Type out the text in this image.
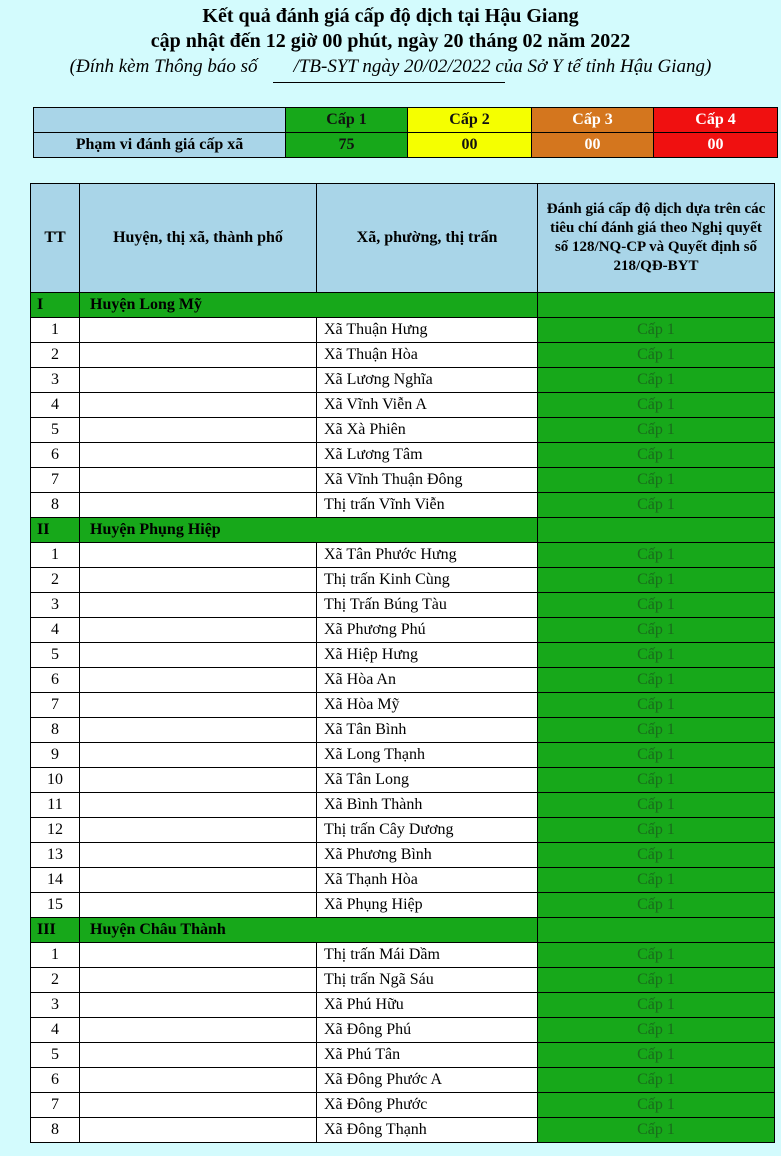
Kết quả đánh giá cấp độ dịch tại Hậu Giang
cập nhật đến 12 giờ 00 phút, ngày 20 tháng 02 năm 2022
(Đính kèm Thông báo số /TB-SYT ngày 20/02/2022 của Sở Y tế tỉnh Hậu Giang)
	Cấp 1	Cấp 2	Cấp 3	Cấp 4
Phạm vi đánh giá cấp xã	75	00	00	00
TT	Huyện, thị xã, thành phố	Xã, phường, thị trấn	Đánh giá cấp độ dịch dựa trên các tiêu chí đánh giá theo Nghị quyết số 128/NQ-CP và Quyết định số 218/QĐ-BYT
I	Huyện Long Mỹ		
1		Xã Thuận Hưng	Cấp 1
2		Xã Thuận Hòa	Cấp 1
3		Xã Lương Nghĩa	Cấp 1
4		Xã Vĩnh Viễn A	Cấp 1
5		Xã Xà Phiên	Cấp 1
6		Xã Lương Tâm	Cấp 1
7		Xã Vĩnh Thuận Đông	Cấp 1
8		Thị trấn Vĩnh Viễn	Cấp 1
II	Huyện Phụng Hiệp		
1		Xã Tân Phước Hưng	Cấp 1
2		Thị trấn Kinh Cùng	Cấp 1
3		Thị Trấn Búng Tàu	Cấp 1
4		Xã Phương Phú	Cấp 1
5		Xã Hiệp Hưng	Cấp 1
6		Xã Hòa An	Cấp 1
7		Xã Hòa Mỹ	Cấp 1
8		Xã Tân Bình	Cấp 1
9		Xã Long Thạnh	Cấp 1
10		Xã Tân Long	Cấp 1
11		Xã Bình Thành	Cấp 1
12		Thị trấn Cây Dương	Cấp 1
13		Xã Phương Bình	Cấp 1
14		Xã Thạnh Hòa	Cấp 1
15		Xã Phụng Hiệp	Cấp 1
III	Huyện Châu Thành		
1		Thị trấn Mái Dầm	Cấp 1
2		Thị trấn Ngã Sáu	Cấp 1
3		Xã Phú Hữu	Cấp 1
4		Xã Đông Phú	Cấp 1
5		Xã Phú Tân	Cấp 1
6		Xã Đông Phước A	Cấp 1
7		Xã Đông Phước	Cấp 1
8		Xã Đông Thạnh	Cấp 1
